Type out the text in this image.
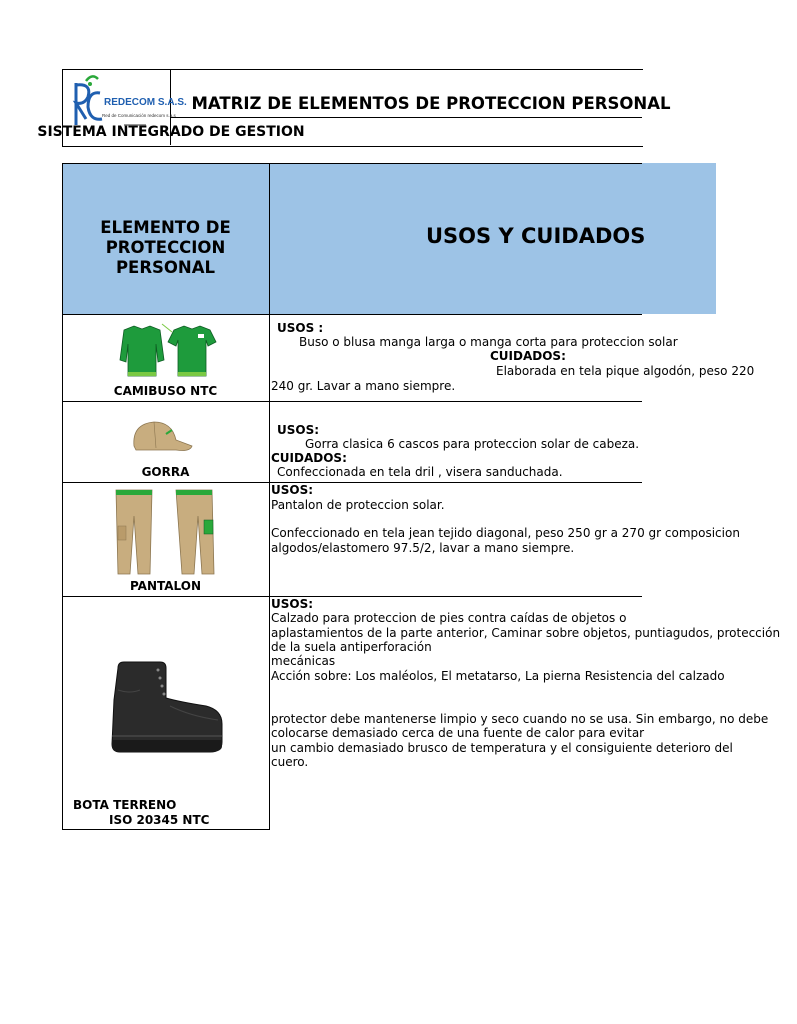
REDECOM S.A.S.
Red de Comunicación redecom s.a.s
MATRIZ DE ELEMENTOS DE PROTECCION PERSONAL
SISTEMA INTEGRADO DE GESTION
ELEMENTO DE PROTECCION PERSONAL
USOS Y CUIDADOS
CAMIBUSO NTC
USOS :
Buso o blusa manga larga o manga corta para proteccion solar
CUIDADOS:
Elaborada en tela pique algodón, peso 220
240 gr. Lavar a mano siempre.
GORRA
USOS:
Gorra clasica 6 cascos para proteccion solar de cabeza.
CUIDADOS:
Confeccionada en tela dril , visera sanduchada.
PANTALON
USOS:
Pantalon de proteccion solar.
Confeccionado en tela jean tejido diagonal, peso 250 gr a 270 gr composicion
algodos/elastomero 97.5/2, lavar a mano siempre.
BOTA TERRENO
ISO 20345 NTC
USOS:
Calzado para proteccion de pies contra caídas de objetos o
aplastamientos de la parte anterior, Caminar sobre objetos, puntiagudos, protección
de la suela antiperforación
mecánicas
Acción sobre: Los maléolos, El metatarso, La pierna Resistencia del calzado
protector debe mantenerse limpio y seco cuando no se usa. Sin embargo, no debe
colocarse demasiado cerca de una fuente de calor para evitar
un cambio demasiado brusco de temperatura y el consiguiente deterioro del
cuero.
